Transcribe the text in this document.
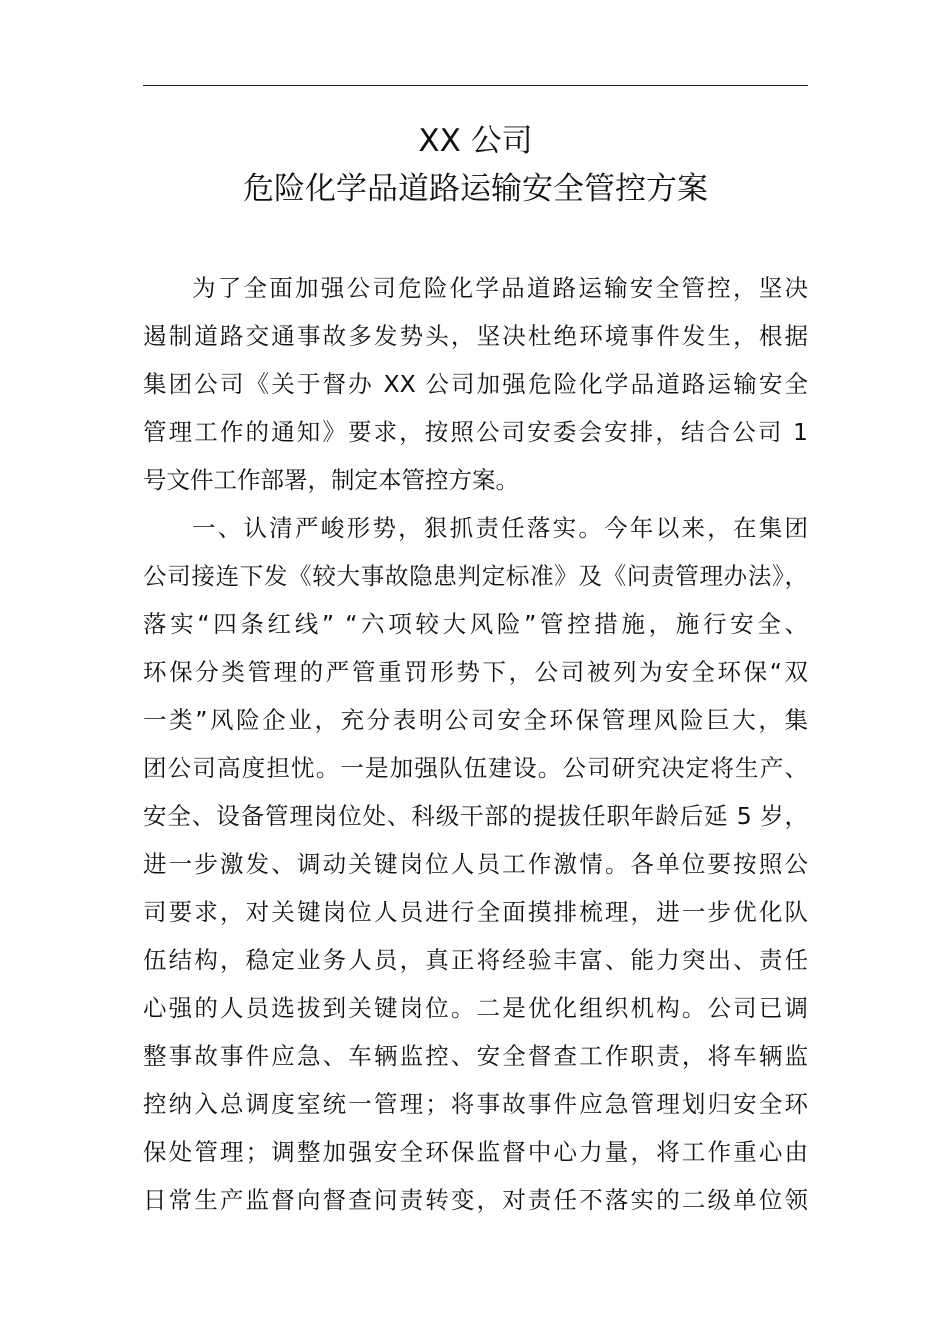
XX 公司
危险化学品道路运输安全管控方案
为了全面加强公司危险化学品道路运输安全管控，坚决
遏制道路交通事故多发势头，坚决杜绝环境事件发生，根据
集团公司《关于督办 XX 公司加强危险化学品道路运输安全
管理工作的通知》要求，按照公司安委会安排，结合公司 1
号文件工作部署，制定本管控方案。
一、认清严峻形势，狠抓责任落实。今年以来，在集团
公司接连下发《较大事故隐患判定标准》及《问责管理办法》，
落实“四条红线” “六项较大风险”管控措施，施行安全、
环保分类管理的严管重罚形势下，公司被列为安全环保“双
一类”风险企业，充分表明公司安全环保管理风险巨大，集
团公司高度担忧。一是加强队伍建设。公司研究决定将生产、
安全、设备管理岗位处、科级干部的提拔任职年龄后延 5 岁，
进一步激发、调动关键岗位人员工作激情。各单位要按照公
司要求，对关键岗位人员进行全面摸排梳理，进一步优化队
伍结构，稳定业务人员，真正将经验丰富、能力突出、责任
心强的人员选拔到关键岗位。二是优化组织机构。公司已调
整事故事件应急、车辆监控、安全督查工作职责，将车辆监
控纳入总调度室统一管理；将事故事件应急管理划归安全环
保处管理；调整加强安全环保监督中心力量，将工作重心由
日常生产监督向督查问责转变，对责任不落实的二级单位领
